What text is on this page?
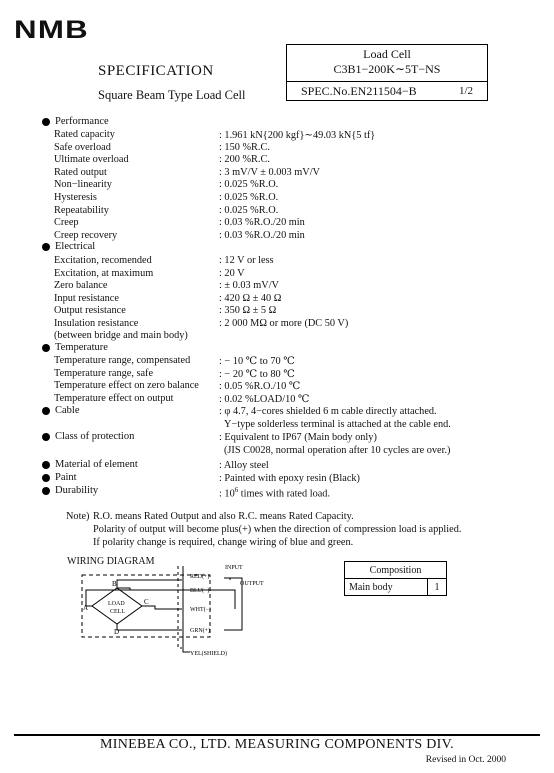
NMB
SPECIFICATION
Square Beam Type Load Cell
Load Cell
C3B1−200K∼5T−NS
SPEC.No.EN211504−B	1/2
Performance
Rated capacity	: 1.961 kN{200 kgf}∼49.03 kN{5 tf}
Safe overload	: 150 %R.C.
Ultimate overload	: 200 %R.C.
Rated output	: 3 mV/V ± 0.003 mV/V
Non−linearity	: 0.025 %R.O.
Hysteresis	: 0.025 %R.O.
Repeatability	: 0.025 %R.O.
Creep	: 0.03 %R.O./20 min
Creep recovery	: 0.03 %R.O./20 min
Electrical
Excitation, recomended	: 12 V or less
Excitation, at maximum	: 20 V
Zero balance	: ± 0.03 mV/V
Input resistance	: 420 Ω ± 40 Ω
Output resistance	: 350 Ω ± 5 Ω
Insulation resistance	: 2 000 MΩ or more (DC 50 V)
(between bridge and main body)
Temperature
Temperature range, compensated	: − 10 ℃ to 70 ℃
Temperature range, safe	: − 20 ℃ to 80 ℃
Temperature effect on zero balance : 0.05 %R.O./10 ℃
Temperature effect on output	: 0.02 %LOAD/10 ℃
Cable	: φ 4.7, 4−cores shielded 6 m cable directly attached.
Y−type solderless terminal is attached at the cable end.
Class of protection	: Equivalent to IP67 (Main body only)
(JIS C0028, normal operation after 10 cycles are over.)
Material of element	: Alloy steel
Paint	: Painted with epoxy resin (Black)
Durability	: $10^6$ times with rated load.
Note) R.O. means Rated Output and also R.C. means Rated Capacity.
Polarity of output will become plus(+) when the direction of compression load is applied.
If polarity change is required, change wiring of blue and green.
WIRING DIAGRAM
RED(+)
BLU(−)
WHT(−)
GRN(+)
YEL(SHIELD)
INPUT
OUTPUT
B
C
A
D
LOAD
CELL
Composition
Main body	1
MINEBEA CO., LTD. MEASURING COMPONENTS DIV.
Revised in Oct. 2000
